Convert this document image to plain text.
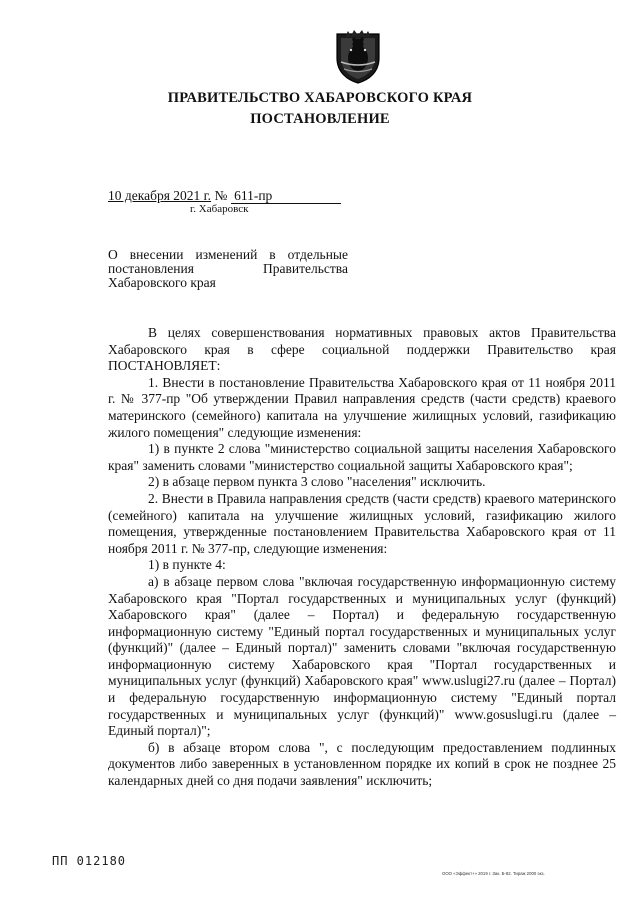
ПРАВИТЕЛЬСТВО ХАБАРОВСКОГО КРАЯ
ПОСТАНОВЛЕНИЕ
10 декабря 2021 г. № 611-пр
г. Хабаровск
О внесении изменений в отдельные
постановления Правительства
Хабаровского края

В целях совершенствования нормативных правовых актов Правительства Хабаровского края в сфере социальной поддержки Правительство края ПОСТАНОВЛЯЕТ:

1. Внести в постановление Правительства Хабаровского края от 11 ноября 2011 г. № 377-пр "Об утверждении Правил направления средств (части средств) краевого материнского (семейного) капитала на улучшение жилищных условий, газификацию жилого помещения" следующие изменения:

1) в пункте 2 слова "министерство социальной защиты населения Хабаровского края" заменить словами "министерство социальной защиты Хабаровского края";

2) в абзаце первом пункта 3 слово "населения" исключить.

2. Внести в Правила направления средств (части средств) краевого материнского (семейного) капитала на улучшение жилищных условий, газификацию жилого помещения, утвержденные постановлением Правительства Хабаровского края от 11 ноября 2011 г. № 377-пр, следующие изменения:

1) в пункте 4:

а) в абзаце первом слова "включая государственную информационную систему Хабаровского края "Портал государственных и муниципальных услуг (функций) Хабаровского края" (далее – Портал) и федеральную государственную информационную систему "Единый портал государственных и муниципальных услуг (функций)" (далее – Единый портал)" заменить словами "включая государственную информационную систему Хабаровского края "Портал государственных и муниципальных услуг (функций) Хабаровского края" www.uslugi27.ru (далее – Портал) и федеральную государственную информационную систему "Единый портал государственных и муниципальных услуг (функций)" www.gosuslugi.ru (далее – Единый портал)";

б) в абзаце втором слова ", с последующим предоставлением подлинных документов либо заверенных в установленном порядке их копий в срок не позднее 25 календарных дней со дня подачи заявления" исключить;

ПП 012180
ООО «Эффект+» 2019 г. Зак. Б-82. Тираж 2000 экз.
